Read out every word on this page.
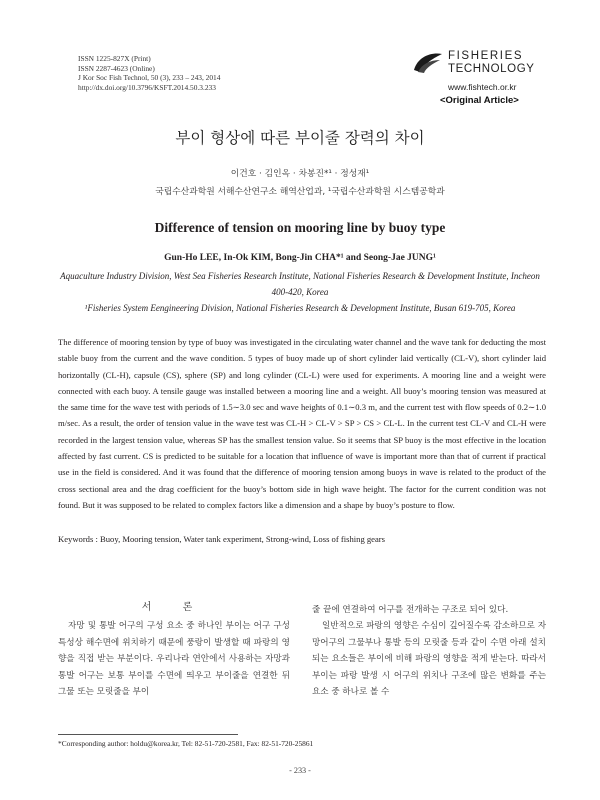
ISSN 1225-827X (Print)
ISSN 2287-4623 (Online)
J Kor Soc Fish Technol, 50 (3), 233 – 243, 2014
http://dx.doi.org/10.3796/KSFT.2014.50.3.233
FISHERIES
TECHNOLOGY
www.fishtech.or.kr
<Original Article>
부이 형상에 따른 부이줄 장력의 차이
이건호 · 김인옥 · 차봉진*¹ · 정성재¹
국립수산과학원 서해수산연구소 해역산업과, ¹국립수산과학원 시스템공학과
Difference of tension on mooring line by buoy type
Gun-Ho LEE, In-Ok KIM, Bong-Jin CHA*¹ and Seong-Jae JUNG¹
Aquaculture Industry Division, West Sea Fisheries Research Institute, National Fisheries Research & Development Institute, Incheon 400-420, Korea
¹Fisheries System Eengineering Division, National Fisheries Research & Development Institute, Busan 619-705, Korea
The difference of mooring tension by type of buoy was investigated in the circulating water channel and the wave tank for deducting the most stable buoy from the current and the wave condition. 5 types of buoy made up of short cylinder laid vertically (CL-V), short cylinder laid horizontally (CL-H), capsule (CS), sphere (SP) and long cylinder (CL-L) were used for experiments. A mooring line and a weight were connected with each buoy. A tensile gauge was installed between a mooring line and a weight. All buoy’s mooring tension was measured at the same time for the wave test with periods of 1.5∼3.0 sec and wave heights of 0.1∼0.3 m, and the current test with flow speeds of 0.2∼1.0 m/sec. As a result, the order of tension value in the wave test was CL-H > CL-V > SP > CS > CL-L. In the current test CL-V and CL-H were recorded in the largest tension value, whereas SP has the smallest tension value. So it seems that SP buoy is the most effective in the location affected by fast current. CS is predicted to be suitable for a location that influence of wave is important more than that of current if practical use in the field is considered. And it was found that the difference of mooring tension among buoys in wave is related to the product of the cross sectional area and the drag coefficient for the buoy’s bottom side in high wave height. The factor for the current condition was not found. But it was supposed to be related to complex factors like a dimension and a shape by buoy’s posture to flow.
Keywords : Buoy, Mooring tension, Water tank experiment, Strong-wind, Loss of fishing gears
서 론

자망 및 통발 어구의 구성 요소 중 하나인 부이는 어구 구성 특성상 해수면에 위치하기 때문에 풍랑이 발생할 때 파랑의 영향을 직접 받는 부분이다. 우리나라 연안에서 사용하는 자망과 통발 어구는 보통 부이를 수면에 띄우고 부이줄을 연결한 뒤 그물 또는 모릿줄을 부이

줄 끝에 연결하여 어구를 전개하는 구조로 되어 있다.

일반적으로 파랑의 영향은 수심이 깊어질수록 감소하므로 자망어구의 그물부나 통발 등의 모릿줄 등과 같이 수면 아래 설치되는 요소들은 부이에 비해 파랑의 영향을 적게 받는다. 따라서 부이는 파랑 발생 시 어구의 위치나 구조에 많은 변화를 주는 요소 중 하나로 볼 수

*Corresponding author: holdu@korea.kr, Tel: 82-51-720-2581, Fax: 82-51-720-25861
- 233 -
